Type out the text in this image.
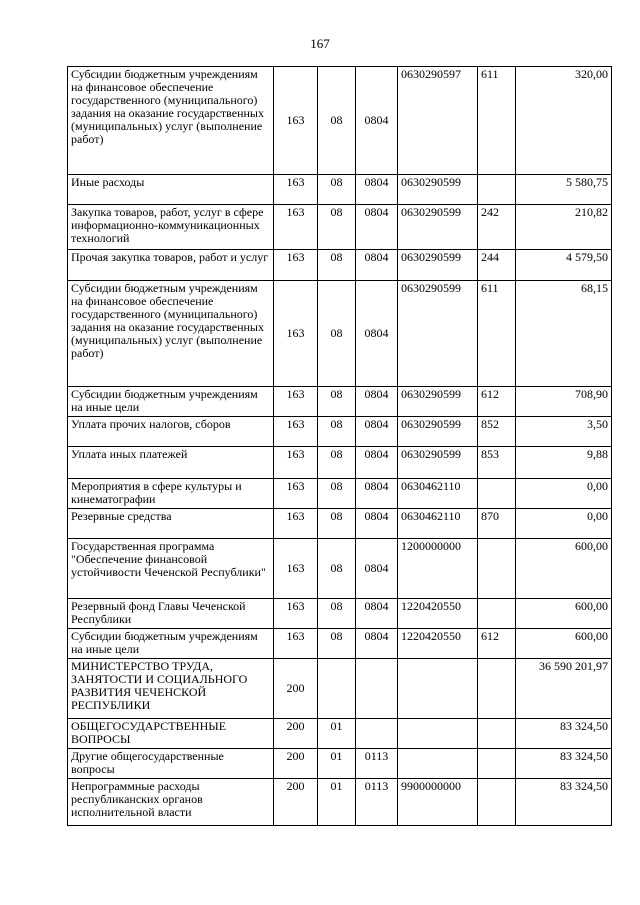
167
Субсидии бюджетным учреждениям на финансовое обеспечение государственного (муниципального) задания на оказание государственных (муниципальных) услуг (выполнение работ)	163	08	0804	0630290597	611	320,00
Иные расходы	163	08	0804	0630290599		5 580,75
Закупка товаров, работ, услуг в сфере информационно-коммуникационных технологий	163	08	0804	0630290599	242	210,82
Прочая закупка товаров, работ и услуг	163	08	0804	0630290599	244	4 579,50
Субсидии бюджетным учреждениям на финансовое обеспечение государственного (муниципального) задания на оказание государственных (муниципальных) услуг (выполнение работ)	163	08	0804	0630290599	611	68,15
Субсидии бюджетным учреждениям на иные цели	163	08	0804	0630290599	612	708,90
Уплата прочих налогов, сборов	163	08	0804	0630290599	852	3,50
Уплата иных платежей	163	08	0804	0630290599	853	9,88
Мероприятия в сфере культуры и кинематографии	163	08	0804	0630462110		0,00
Резервные средства	163	08	0804	0630462110	870	0,00
Государственная программа "Обеспечение финансовой устойчивости Чеченской Республики"	163	08	0804	1200000000		600,00
Резервный фонд Главы Чеченской Республики	163	08	0804	1220420550		600,00
Субсидии бюджетным учреждениям на иные цели	163	08	0804	1220420550	612	600,00
МИНИСТЕРСТВО ТРУДА, ЗАНЯТОСТИ И СОЦИАЛЬНОГО РАЗВИТИЯ ЧЕЧЕНСКОЙ РЕСПУБЛИКИ	200					36 590 201,97
ОБЩЕГОСУДАРСТВЕННЫЕ ВОПРОСЫ	200	01				83 324,50
Другие общегосударственные вопросы	200	01	0113			83 324,50
Непрограммные расходы республиканских органов исполнительной власти	200	01	0113	9900000000		83 324,50
